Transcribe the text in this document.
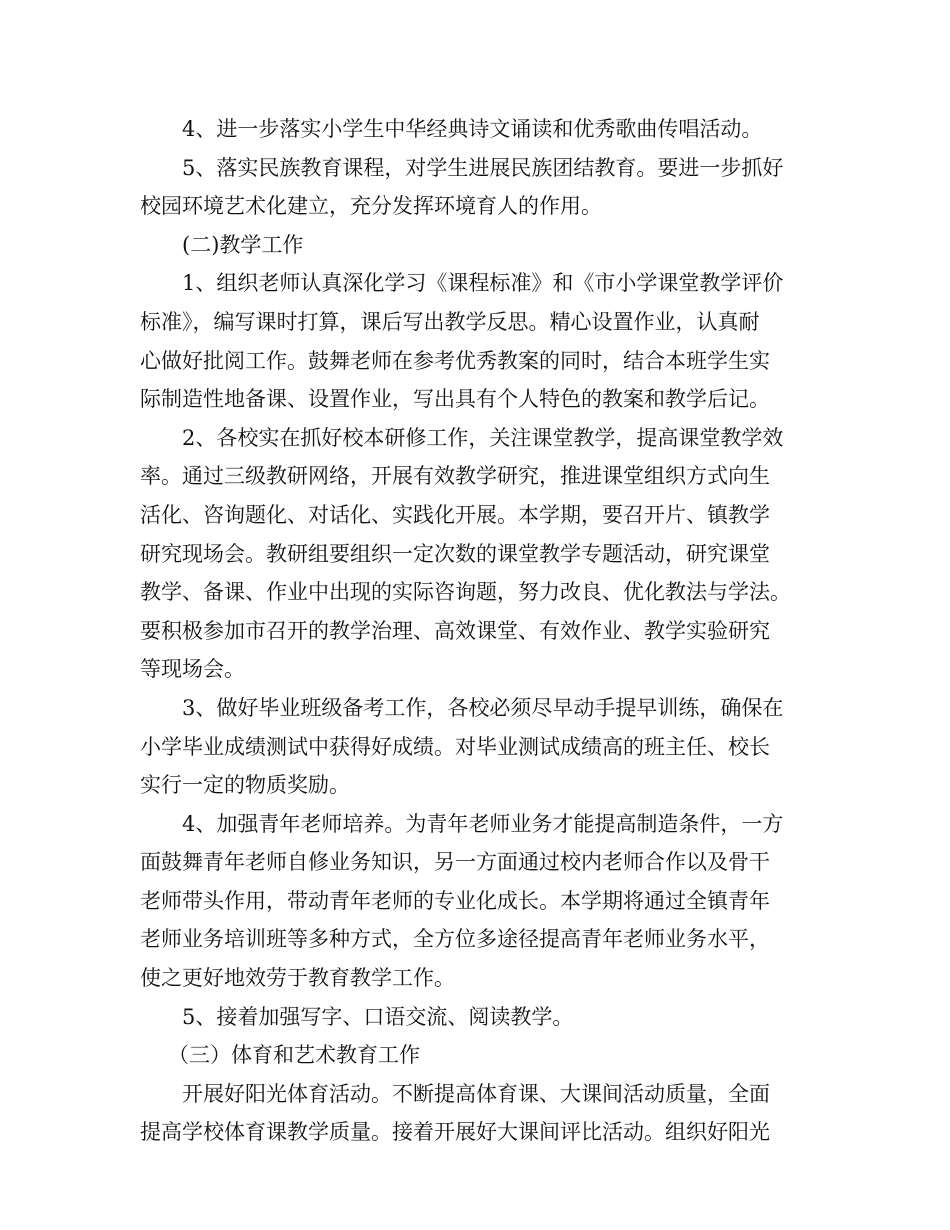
4、进一步落实小学生中华经典诗文诵读和优秀歌曲传唱活动。

5、落实民族教育课程，对学生进展民族团结教育。要进一步抓好

校园环境艺术化建立，充分发挥环境育人的作用。

(二)教学工作

1、组织老师认真深化学习《课程标准》和《市小学课堂教学评价

标准》，编写课时打算，课后写出教学反思。精心设置作业，认真耐

心做好批阅工作。鼓舞老师在参考优秀教案的同时，结合本班学生实

际制造性地备课、设置作业，写出具有个人特色的教案和教学后记。

2、各校实在抓好校本研修工作，关注课堂教学，提高课堂教学效

率。通过三级教研网络，开展有效教学研究，推进课堂组织方式向生

活化、咨询题化、对话化、实践化开展。本学期，要召开片、镇教学

研究现场会。教研组要组织一定次数的课堂教学专题活动，研究课堂

教学、备课、作业中出现的实际咨询题，努力改良、优化教法与学法。

要积极参加市召开的教学治理、高效课堂、有效作业、教学实验研究

等现场会。

3、做好毕业班级备考工作，各校必须尽早动手提早训练，确保在

小学毕业成绩测试中获得好成绩。对毕业测试成绩高的班主任、校长

实行一定的物质奖励。

4、加强青年老师培养。为青年老师业务才能提高制造条件，一方

面鼓舞青年老师自修业务知识，另一方面通过校内老师合作以及骨干

老师带头作用，带动青年老师的专业化成长。本学期将通过全镇青年

老师业务培训班等多种方式，全方位多途径提高青年老师业务水平，

使之更好地效劳于教育教学工作。

5、接着加强写字、口语交流、阅读教学。

（三）体育和艺术教育工作

开展好阳光体育活动。不断提高体育课、大课间活动质量，全面

提高学校体育课教学质量。接着开展好大课间评比活动。组织好阳光
